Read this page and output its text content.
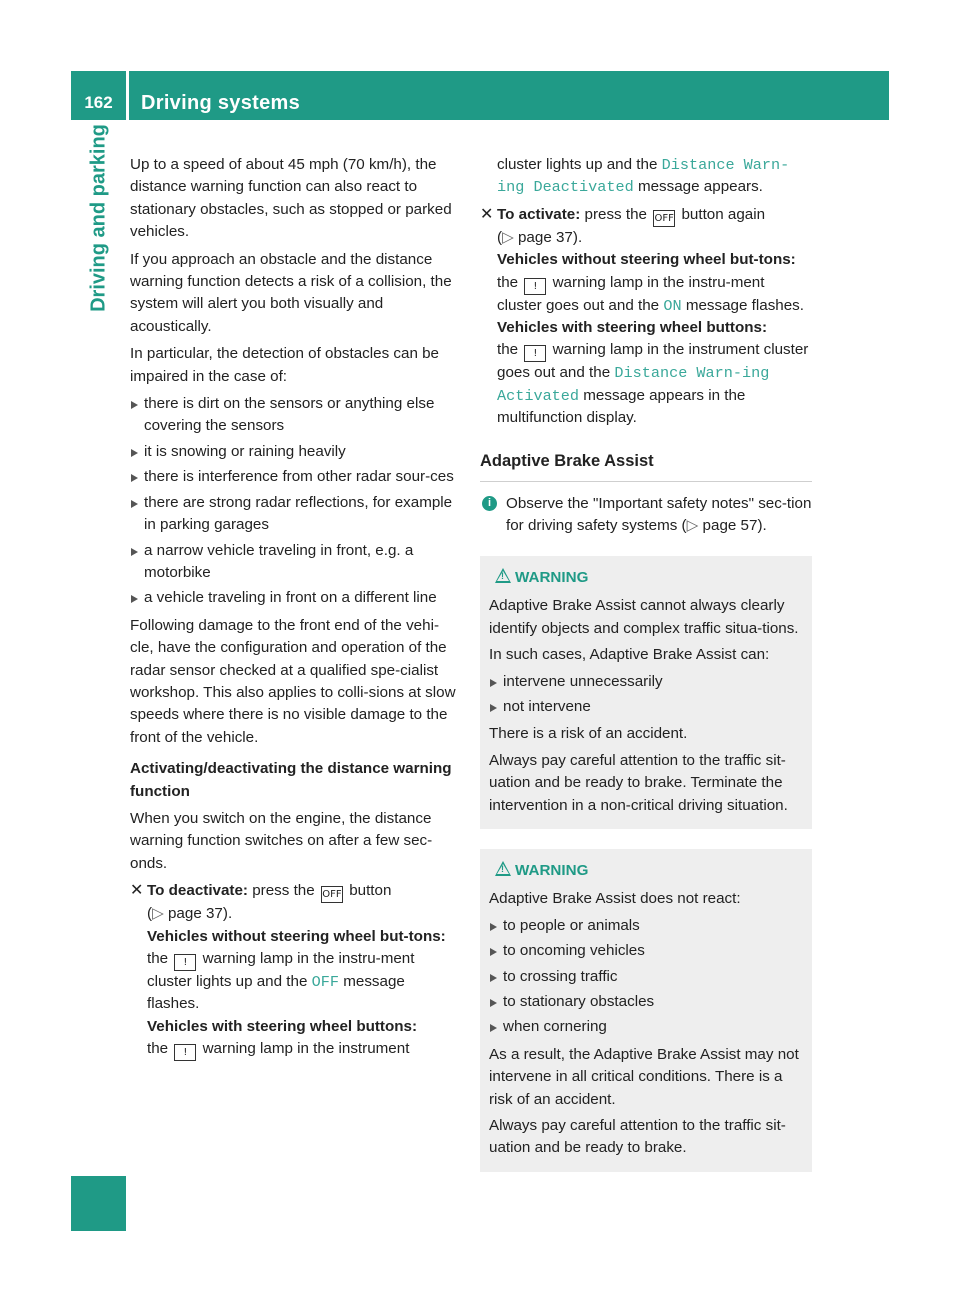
162	Driving systems
Driving and parking Up to a speed of about 45 mph (70 km/h), the distance warning function can also react to stationary obstacles, such as stopped or parked vehicles.

If you approach an obstacle and the distance warning function detects a risk of a collision, the system will alert you both visually and acoustically.

In particular, the detection of obstacles can be impaired in the case of:

there is dirt on the sensors or anything else covering the sensors
it is snowing or raining heavily
there is interference from other radar sour-ces
there are strong radar reflections, for example in parking garages
a narrow vehicle traveling in front, e.g. a motorbike
a vehicle traveling in front on a different line

Following damage to the front end of the vehi-cle, have the configuration and operation of the radar sensor checked at a qualified spe-cialist workshop. This also applies to colli-sions at slow speeds where there is no visible damage to the front of the vehicle.

Activating/deactivating the distance warning function

When you switch on the engine, the distance warning function switches on after a few sec-onds.

✕ To deactivate: press the OFF button
(▷ page 37).
Vehicles without steering wheel but-tons: the ! warning lamp in the instru-ment cluster lights up and the OFF message flashes.
Vehicles with steering wheel buttons:
the ! warning lamp in the instrument
cluster lights up and the Distance Warn-ing Deactivated message appears.
✕ To activate: press the OFF button again
(▷ page 37).
Vehicles without steering wheel but-tons: the ! warning lamp in the instru-ment cluster goes out and the ON message flashes.
Vehicles with steering wheel buttons:
the ! warning lamp in the instrument cluster goes out and the Distance Warn-ing Activated message appears in the multifunction display.
Adaptive Brake Assist
i Observe the "Important safety notes" sec-tion for driving safety systems (▷ page 57).
!
WARNING

Adaptive Brake Assist cannot always clearly identify objects and complex traffic situa-tions.

In such cases, Adaptive Brake Assist can:

intervene unnecessarily
not intervene

There is a risk of an accident.

Always pay careful attention to the traffic sit-uation and be ready to brake. Terminate the intervention in a non-critical driving situation.

!
WARNING

Adaptive Brake Assist does not react:

to people or animals
to oncoming vehicles
to crossing traffic
to stationary obstacles
when cornering

As a result, the Adaptive Brake Assist may not intervene in all critical conditions. There is a risk of an accident.

Always pay careful attention to the traffic sit-uation and be ready to brake.
